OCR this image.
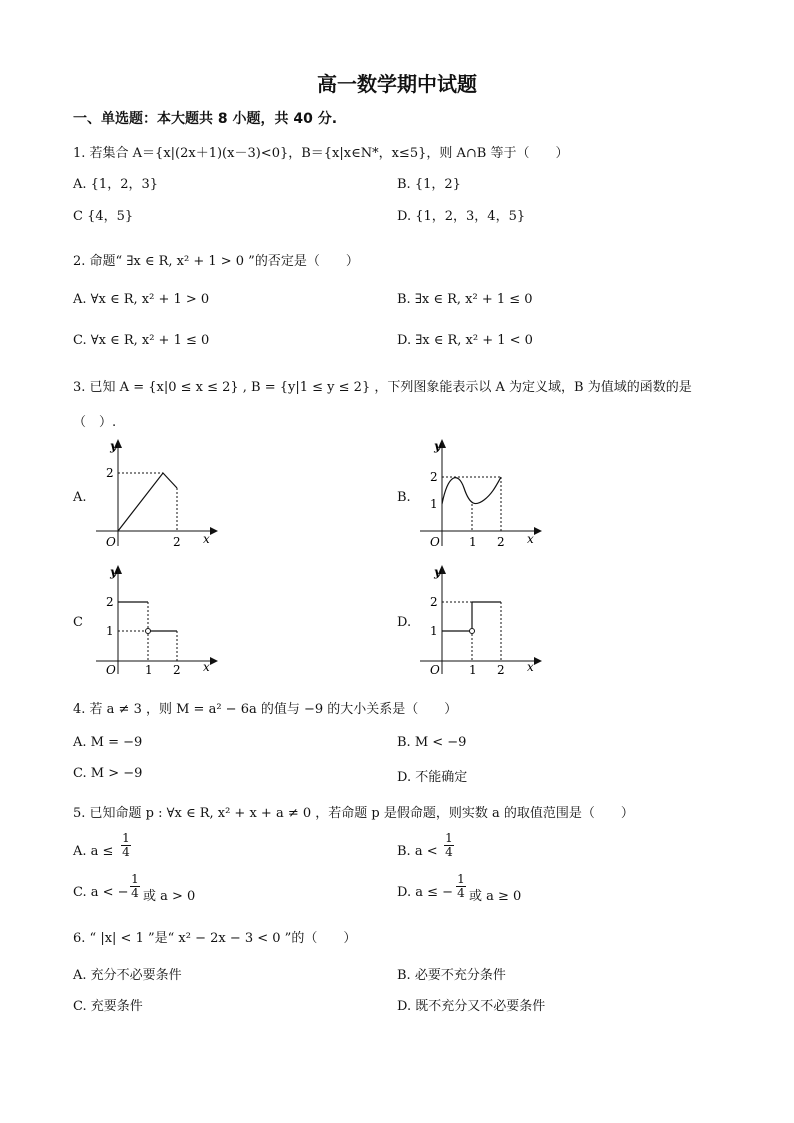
高一数学期中试题
一、单选题：本大题共 8 小题，共 40 分.
1. 若集合 A＝{x|(2x＋1)(x－3)<0}，B＝{x|x∈N*，x≤5}，则 A∩B 等于（　　）
A. {1，2，3}	B. {1，2}
C {4，5}	D. {1，2，3，4，5}
2. 命题“ ∃x ∈ R, x² + 1 > 0 ”的否定是（　　）
A. ∀x ∈ R, x² + 1 > 0	B. ∃x ∈ R, x² + 1 ≤ 0
C. ∀x ∈ R, x² + 1 ≤ 0	D. ∃x ∈ R, x² + 1 < 0
3. 已知 A = {x|0 ≤ x ≤ 2} , B = {y|1 ≤ y ≤ 2} ，下列图象能表示以 A 为定义域，B 为值域的函数的是
（　）.
A.	B.
C	D.
y
2
O	2 x
y
2
1
O 1 2 x
y
2
1
O 1 2 x
y
2
1
O 1 2 x
4. 若 a ≠ 3 ，则 M = a² − 6a 的值与 −9 的大小关系是（　　）
A. M = −9	B. M < −9
C. M > −9	D. 不能确定
5. 已知命题 p : ∀x ∈ R, x² + x + a ≠ 0 ，若命题 p 是假命题，则实数 a 的取值范围是（　　）
A. $a \le \frac{1}{4}$	B. $a < \frac{1}{4}$
C. a < − $\frac{1}{4}$ 或 a > 0	D. a ≤ − $\frac{1}{4}$ 或 a ≥ 0
6. “ |x| < 1 ”是“ x² − 2x − 3 < 0 ”的（　　）
A. 充分不必要条件	B. 必要不充分条件
C. 充要条件	D. 既不充分又不必要条件
